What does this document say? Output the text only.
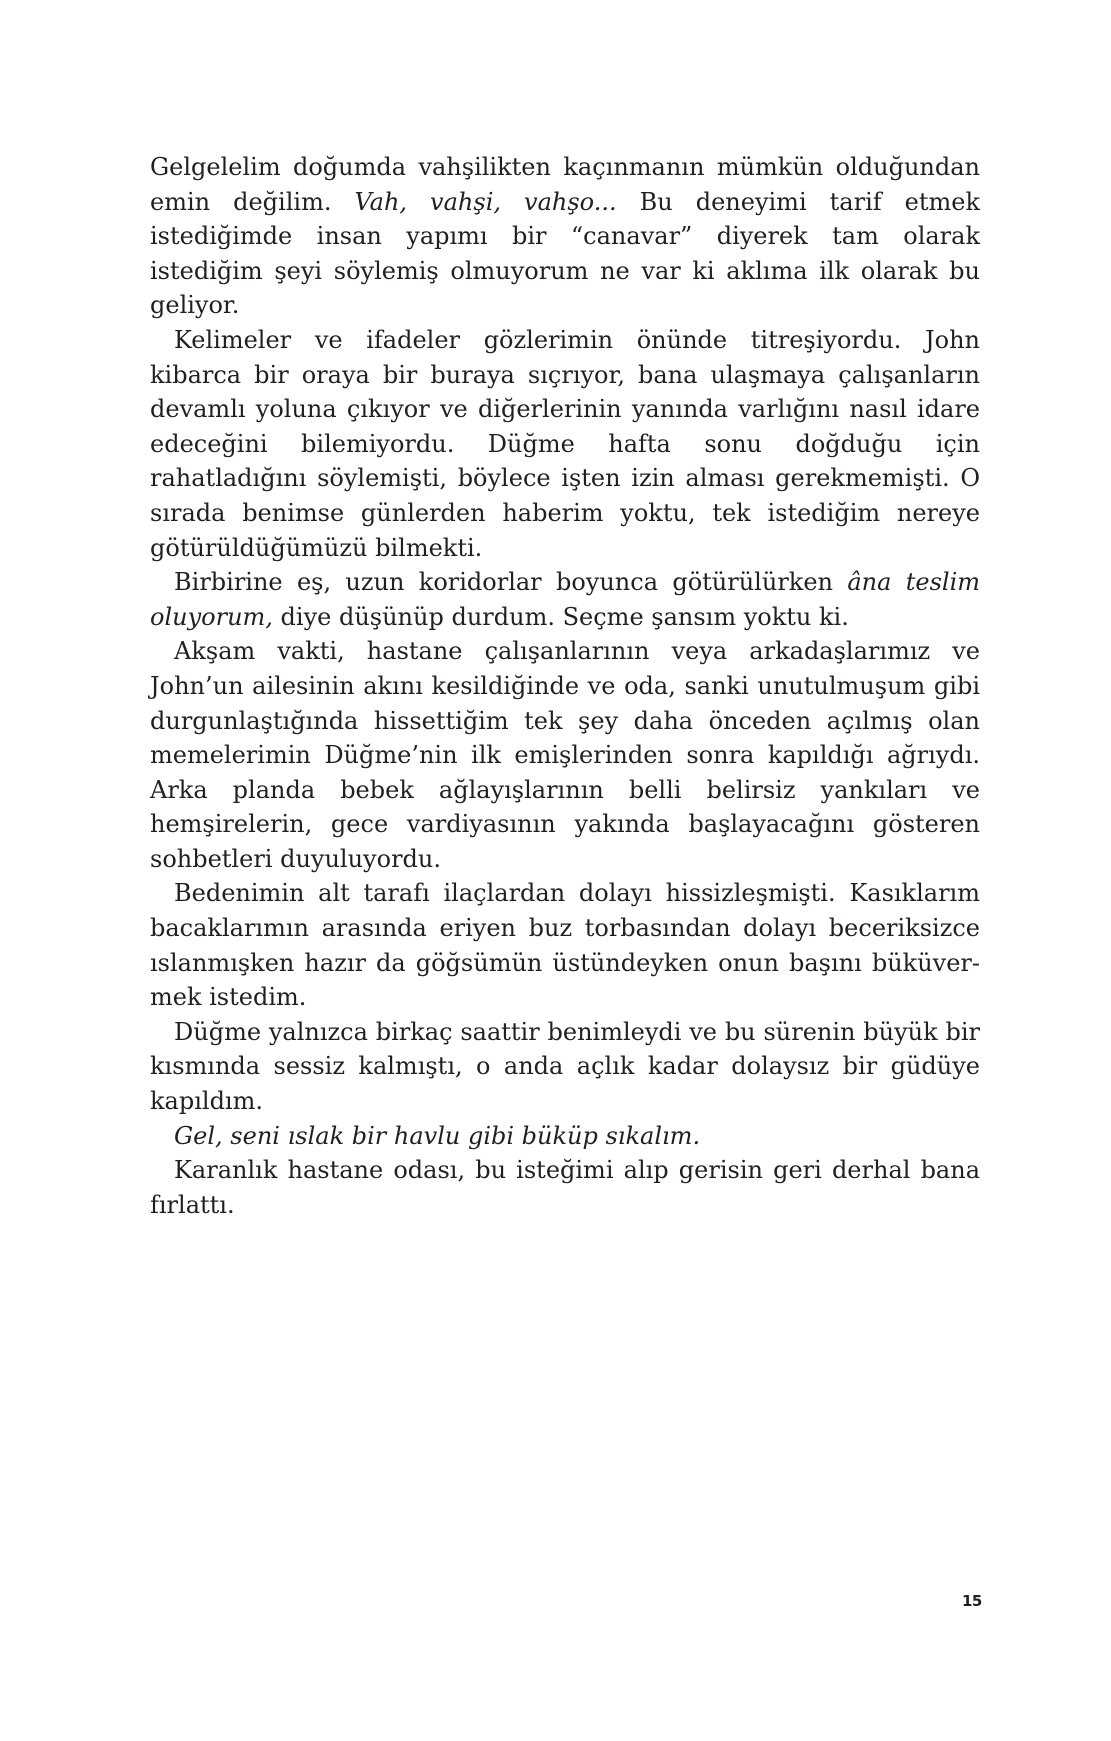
Gelgelelim doğumda vahşilikten kaçınmanın mümkün olduğundan emin değilim. Vah, vahşi, vahşo... Bu deneyimi tarif etmek istediğimde insan yapımı bir “canavar” diyerek tam olarak istediğim şeyi söylemiş olmuyorum ne var ki aklıma ilk olarak bu geliyor.

Kelimeler ve ifadeler gözlerimin önünde titreşiyordu. John kibarca bir oraya bir buraya sıçrıyor, bana ulaşmaya çalışanların devamlı yoluna çıkıyor ve diğerlerinin yanında varlığını nasıl idare edeceğini bilemiyordu. Düğme hafta sonu doğduğu için rahatladığını söylemişti, böylece işten izin alması gerekmemişti. O sırada benimse günlerden haberim yoktu, tek istediğim nereye götürüldüğümüzü bilmekti.

Birbirine eş, uzun koridorlar boyunca götürülürken âna teslim oluyorum, diye düşünüp durdum. Seçme şansım yoktu ki.

Akşam vakti, hastane çalışanlarının veya arkadaşlarımız ve John’un ailesinin akını kesildiğinde ve oda, sanki unutulmuşum gibi durgunlaştığında hissettiğim tek şey daha önceden açılmış olan memelerimin Düğme’nin ilk emişlerinden sonra kapıldığı ağrıydı. Arka planda bebek ağlayışlarının belli belirsiz yankıları ve hemşirelerin, gece vardiyasının yakında başlayacağını gösteren sohbetleri duyuluyordu.

Bedenimin alt tarafı ilaçlardan dolayı hissizleşmişti. Kasıklarım bacaklarımın arasında eriyen buz torbasından dolayı beceriksizce ıslanmışken hazır da göğsümün üstündeyken onun başını büküvermek istedim.

Düğme yalnızca birkaç saattir benimleydi ve bu sürenin büyük bir kısmında sessiz kalmıştı, o anda açlık kadar dolaysız bir güdüye kapıldım.

Gel, seni ıslak bir havlu gibi büküp sıkalım.

Karanlık hastane odası, bu isteğimi alıp gerisin geri derhal bana fırlattı.

15
